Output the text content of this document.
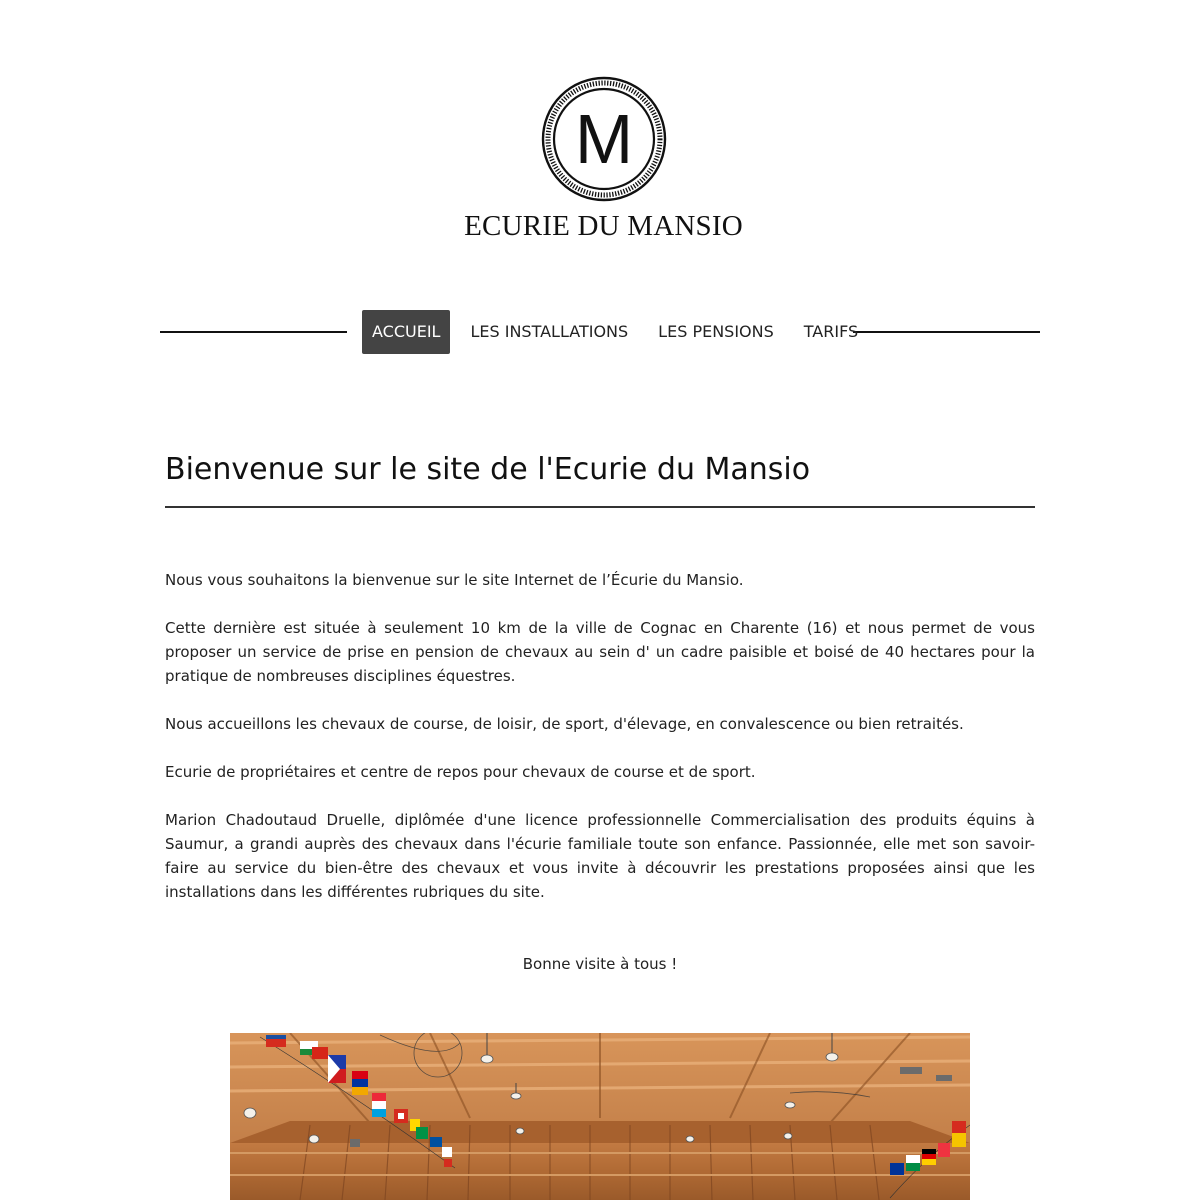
M
ECURIE DU MANSIO
ACCUEIL	LES INSTALLATIONS	LES PENSIONS	TARIFS
Bienvenue sur le site de l'Ecurie du Mansio

Nous vous souhaitons la bienvenue sur le site Internet de l’Écurie du Mansio.

Cette dernière est située à seulement 10 km de la ville de Cognac en Charente (16) et nous permet de vous proposer un service de prise en pension de chevaux au sein d' un cadre paisible et boisé de 40 hectares pour la pratique de nombreuses disciplines équestres.

Nous accueillons les chevaux de course, de loisir, de sport, d'élevage, en convalescence ou bien retraités.

Ecurie de propriétaires et centre de repos pour chevaux de course et de sport.

Marion Chadoutaud Druelle, diplômée d'une licence professionnelle Commercialisation des produits équins à Saumur, a grandi auprès des chevaux dans l'écurie familiale toute son enfance. Passionnée, elle met son savoir-faire au service du bien-être des chevaux et vous invite à découvrir les prestations proposées ainsi que les installations dans les différentes rubriques du site.

Bonne visite à tous !
